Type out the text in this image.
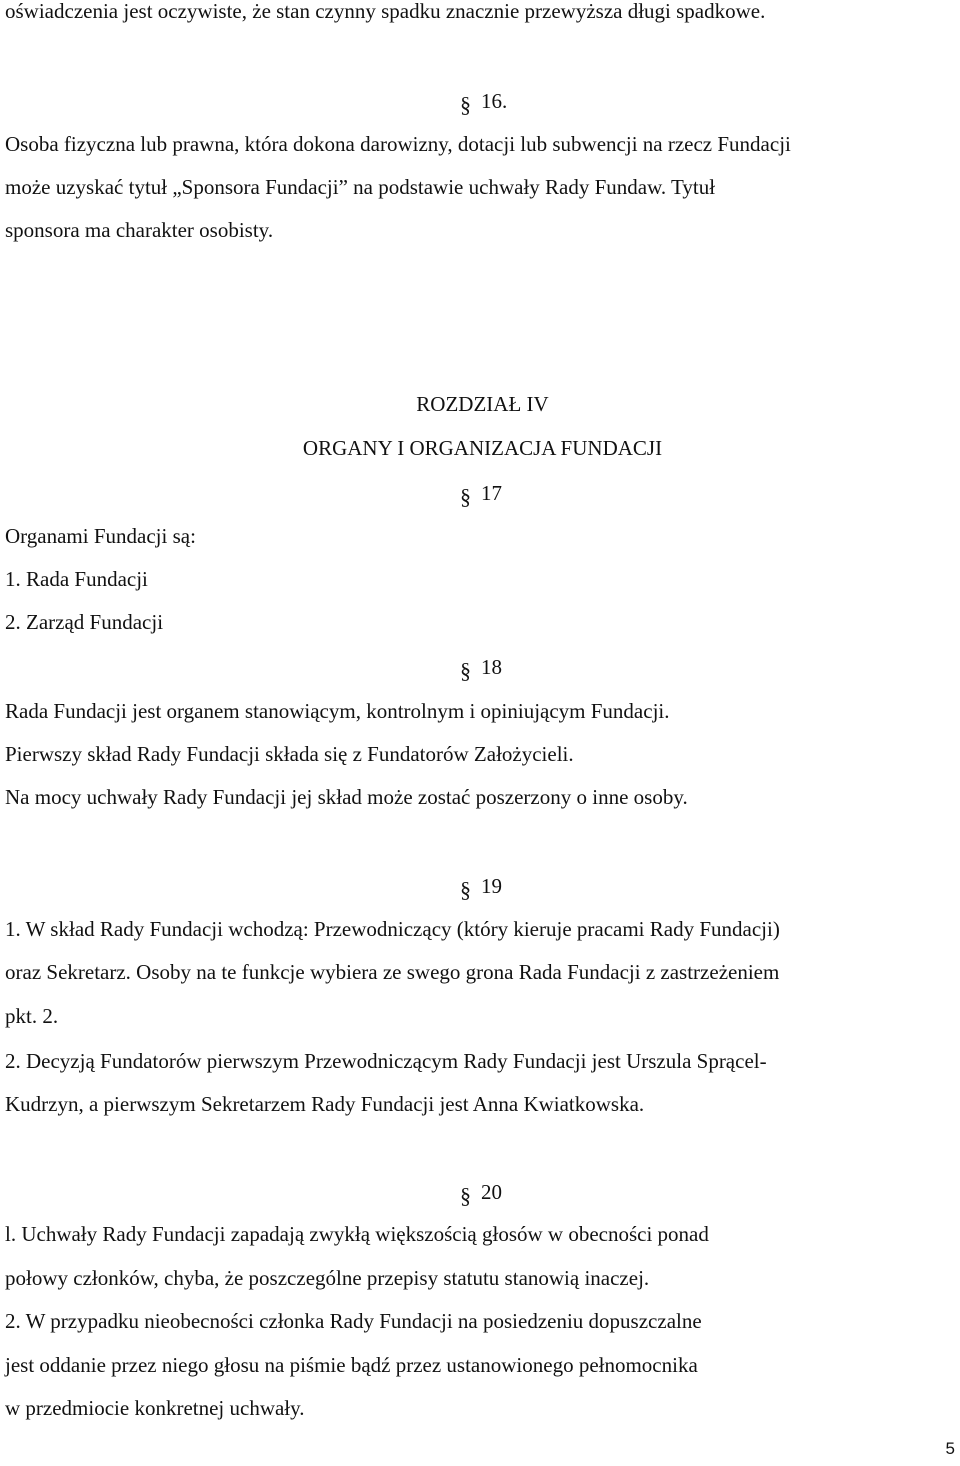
oświadczenia jest oczywiste, że stan czynny spadku znacznie przewyższa długi spadkowe.
§ 16.
Osoba fizyczna lub prawna, która dokona darowizny, dotacji lub subwencji na rzecz Fundacji
może uzyskać tytuł „Sponsora Fundacji” na podstawie uchwały Rady Fundaw. Tytuł
sponsora ma charakter osobisty.
ROZDZIAŁ IV
ORGANY I ORGANIZACJA FUNDACJI
§ 17
Organami Fundacji są:
1. Rada Fundacji
2. Zarząd Fundacji
§ 18
Rada Fundacji jest organem stanowiącym, kontrolnym i opiniującym Fundacji.
Pierwszy skład Rady Fundacji składa się z Fundatorów Założycieli.
Na mocy uchwały Rady Fundacji jej skład może zostać poszerzony o inne osoby.
§ 19
1. W skład Rady Fundacji wchodzą: Przewodniczący (który kieruje pracami Rady Fundacji)
oraz Sekretarz. Osoby na te funkcje wybiera ze swego grona Rada Fundacji z zastrzeżeniem
pkt. 2.
2. Decyzją Fundatorów pierwszym Przewodniczącym Rady Fundacji jest Urszula Sprącel-
Kudrzyn, a pierwszym Sekretarzem Rady Fundacji jest Anna Kwiatkowska.
§ 20
l. Uchwały Rady Fundacji zapadają zwykłą większością głosów w obecności ponad
połowy członków, chyba, że poszczególne przepisy statutu stanowią inaczej.
2. W przypadku nieobecności członka Rady Fundacji na posiedzeniu dopuszczalne
jest oddanie przez niego głosu na piśmie bądź przez ustanowionego pełnomocnika
w przedmiocie konkretnej uchwały.
5
